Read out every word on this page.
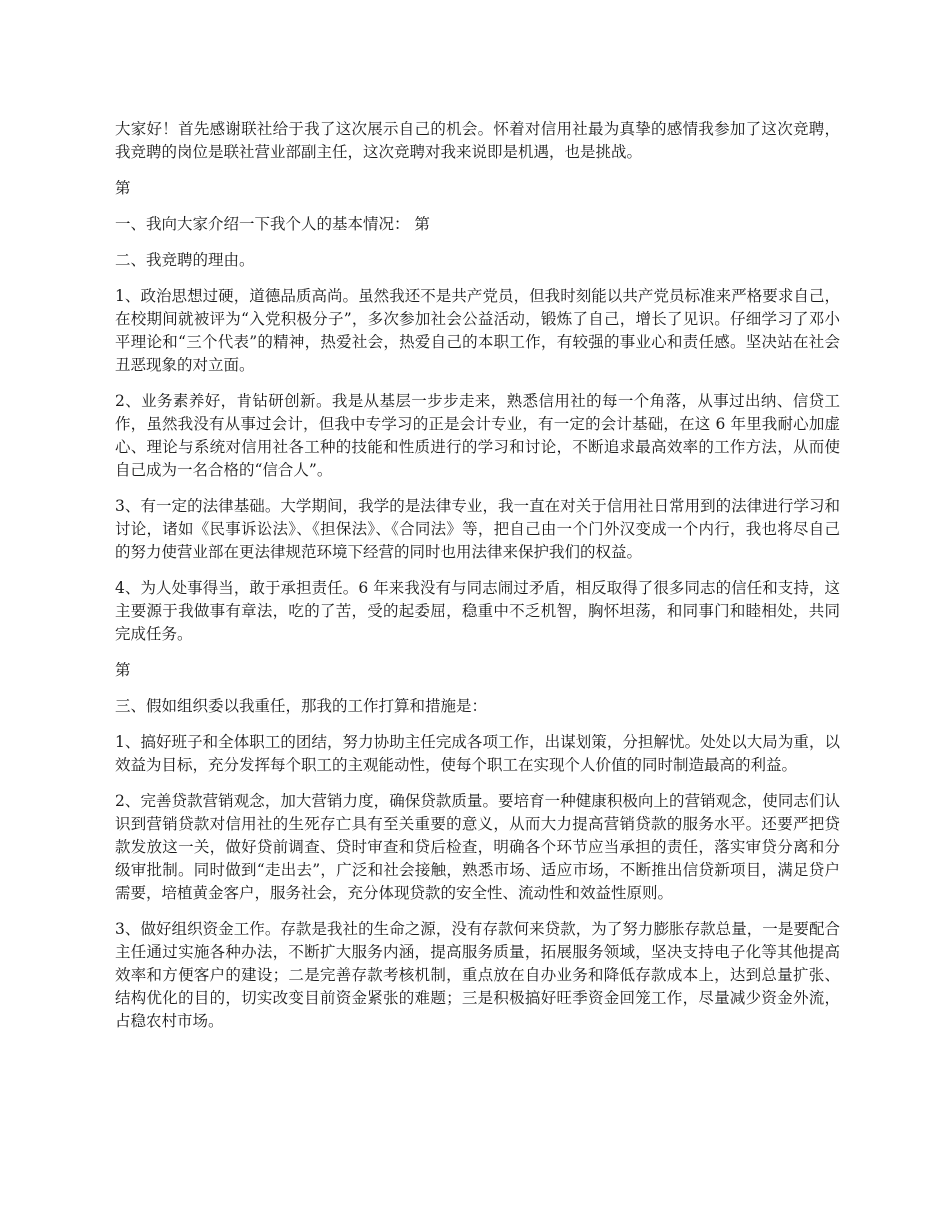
大家好！首先感谢联社给于我了这次展示自己的机会。怀着对信用社最为真挚的感情我参加了这次竞聘，我竞聘的岗位是联社营业部副主任，这次竞聘对我来说即是机遇，也是挑战。

第

一、我向大家介绍一下我个人的基本情况： 第

二、我竞聘的理由。

1、政治思想过硬，道德品质高尚。虽然我还不是共产党员，但我时刻能以共产党员标准来严格要求自己，在校期间就被评为“入党积极分子”，多次参加社会公益活动，锻炼了自己，增长了见识。仔细学习了邓小平理论和“三个代表”的精神，热爱社会，热爱自己的本职工作，有较强的事业心和责任感。坚决站在社会丑恶现象的对立面。

2、业务素养好，肯钻研创新。我是从基层一步步走来，熟悉信用社的每一个角落，从事过出纳、信贷工作，虽然我没有从事过会计，但我中专学习的正是会计专业，有一定的会计基础，在这 6 年里我耐心加虚心、理论与系统对信用社各工种的技能和性质进行的学习和讨论，不断追求最高效率的工作方法，从而使自己成为一名合格的“信合人”。

3、有一定的法律基础。大学期间，我学的是法律专业，我一直在对关于信用社日常用到的法律进行学习和讨论，诸如《民事诉讼法》、《担保法》、《合同法》等，把自己由一个门外汉变成一个内行，我也将尽自己的努力使营业部在更法律规范环境下经营的同时也用法律来保护我们的权益。

4、为人处事得当，敢于承担责任。6 年来我没有与同志闹过矛盾，相反取得了很多同志的信任和支持，这主要源于我做事有章法，吃的了苦，受的起委屈，稳重中不乏机智，胸怀坦荡，和同事门和睦相处，共同完成任务。

第

三、假如组织委以我重任，那我的工作打算和措施是：

1、搞好班子和全体职工的团结，努力协助主任完成各项工作，出谋划策，分担解忧。处处以大局为重，以效益为目标，充分发挥每个职工的主观能动性，使每个职工在实现个人价值的同时制造最高的利益。

2、完善贷款营销观念，加大营销力度，确保贷款质量。要培育一种健康积极向上的营销观念，使同志们认识到营销贷款对信用社的生死存亡具有至关重要的意义，从而大力提高营销贷款的服务水平。还要严把贷款发放这一关，做好贷前调查、贷时审查和贷后检查，明确各个环节应当承担的责任，落实审贷分离和分级审批制。同时做到“走出去”，广泛和社会接触，熟悉市场、适应市场，不断推出信贷新项目，满足贷户需要，培植黄金客户，服务社会，充分体现贷款的安全性、流动性和效益性原则。

3、做好组织资金工作。存款是我社的生命之源，没有存款何来贷款，为了努力膨胀存款总量，一是要配合主任通过实施各种办法，不断扩大服务内涵，提高服务质量，拓展服务领域，坚决支持电子化等其他提高效率和方便客户的建设；二是完善存款考核机制，重点放在自办业务和降低存款成本上，达到总量扩张、结构优化的目的，切实改变目前资金紧张的难题；三是积极搞好旺季资金回笼工作，尽量减少资金外流，占稳农村市场。
